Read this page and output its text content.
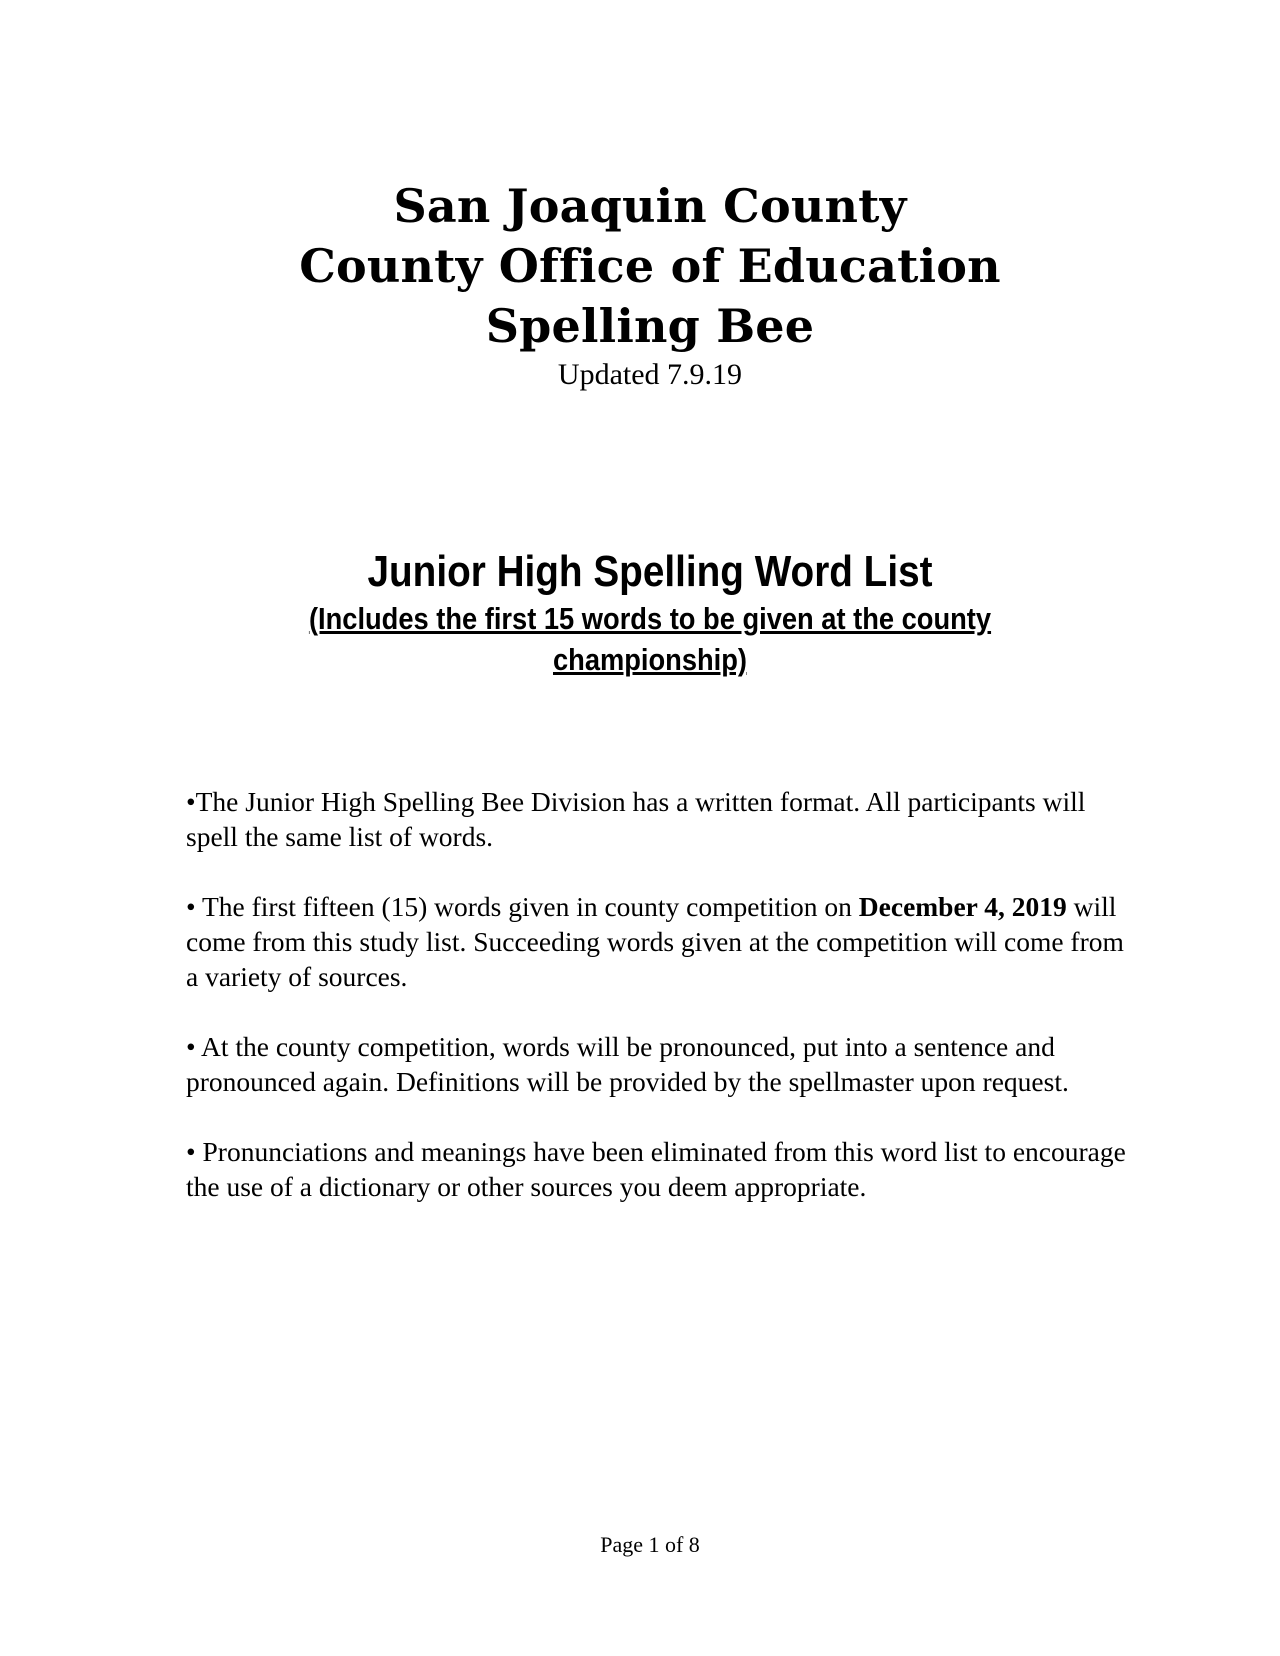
San Joaquin County
County Office of Education
Spelling Bee
Updated 7.9.19
Junior High Spelling Word List
(Includes the first 15 words to be given at the county championship)

•The Junior High Spelling Bee Division has a written format. All participants will spell the same list of words.

• The first fifteen (15) words given in county competition on December 4, 2019 will come from this study list. Succeeding words given at the competition will come from a variety of sources.

• At the county competition, words will be pronounced, put into a sentence and pronounced again. Definitions will be provided by the spellmaster upon request.

• Pronunciations and meanings have been eliminated from this word list to encourage the use of a dictionary or other sources you deem appropriate.

Page 1 of 8
